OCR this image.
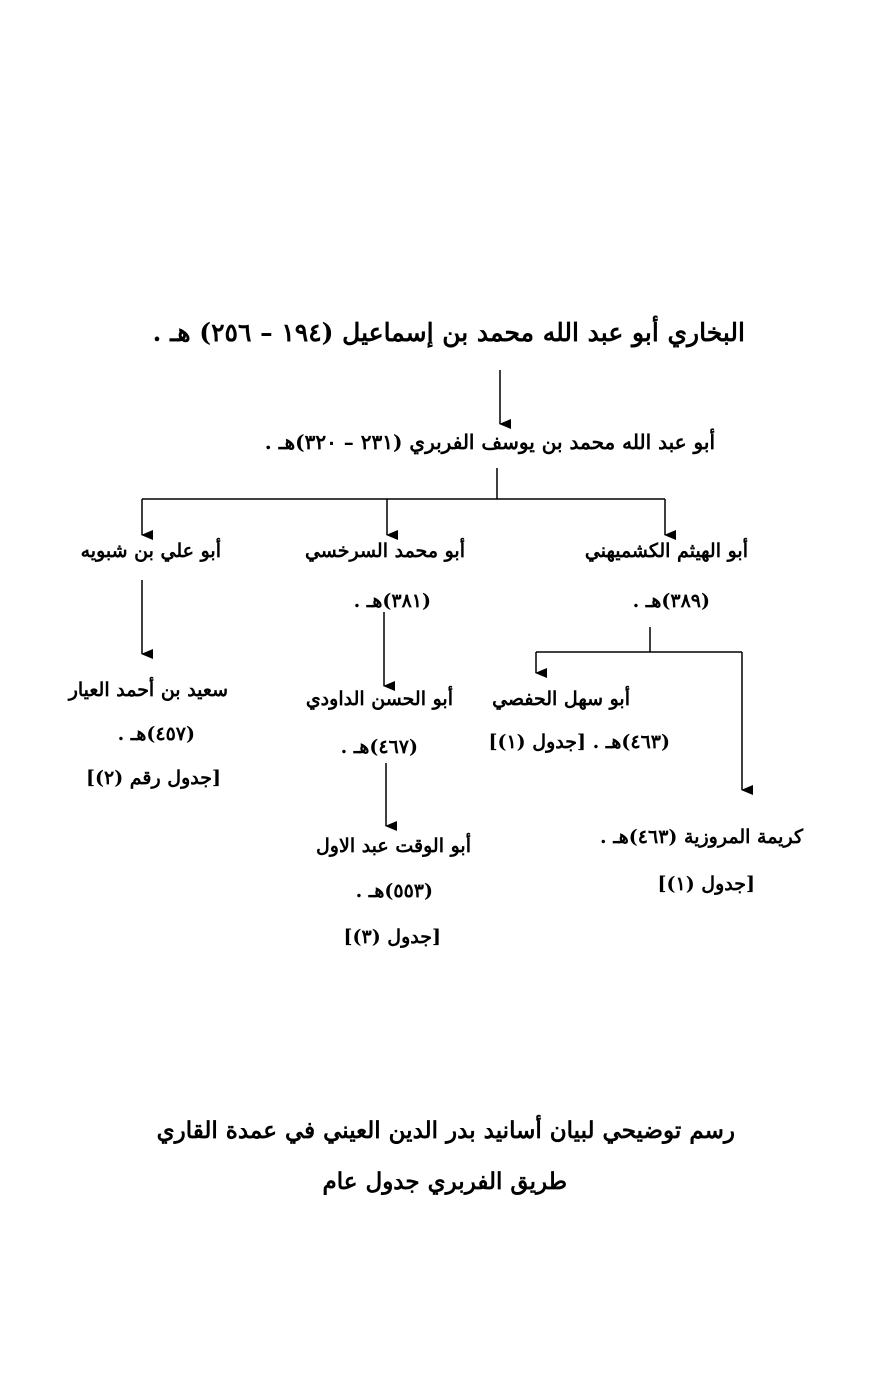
البخاري أبو عبد الله محمد بن إسماعيل (١٩٤ – ٢٥٦) هـ .
أبو عبد الله محمد بن يوسف الفربري (٢٣١ – ٣٢٠)هـ .
أبو الهيثم الكشميهني
(٣٨٩)هـ .
أبو سهل الحفصي
(٤٦٣)هـ . [جدول (١)]
كريمة المروزية (٤٦٣)هـ .
[جدول (١)]
أبو محمد السرخسي
(٣٨١)هـ .
أبو الحسن الداودي
(٤٦٧)هـ .
أبو الوقت عبد الاول
(٥٥٣)هـ .
[جدول (٣)]
أبو علي بن شبويه
سعيد بن أحمد العيار
(٤٥٧)هـ .
[جدول رقم (٢)]
رسم توضيحي لبيان أسانيد بدر الدين العيني في عمدة القاري
طريق الفربري جدول عام
